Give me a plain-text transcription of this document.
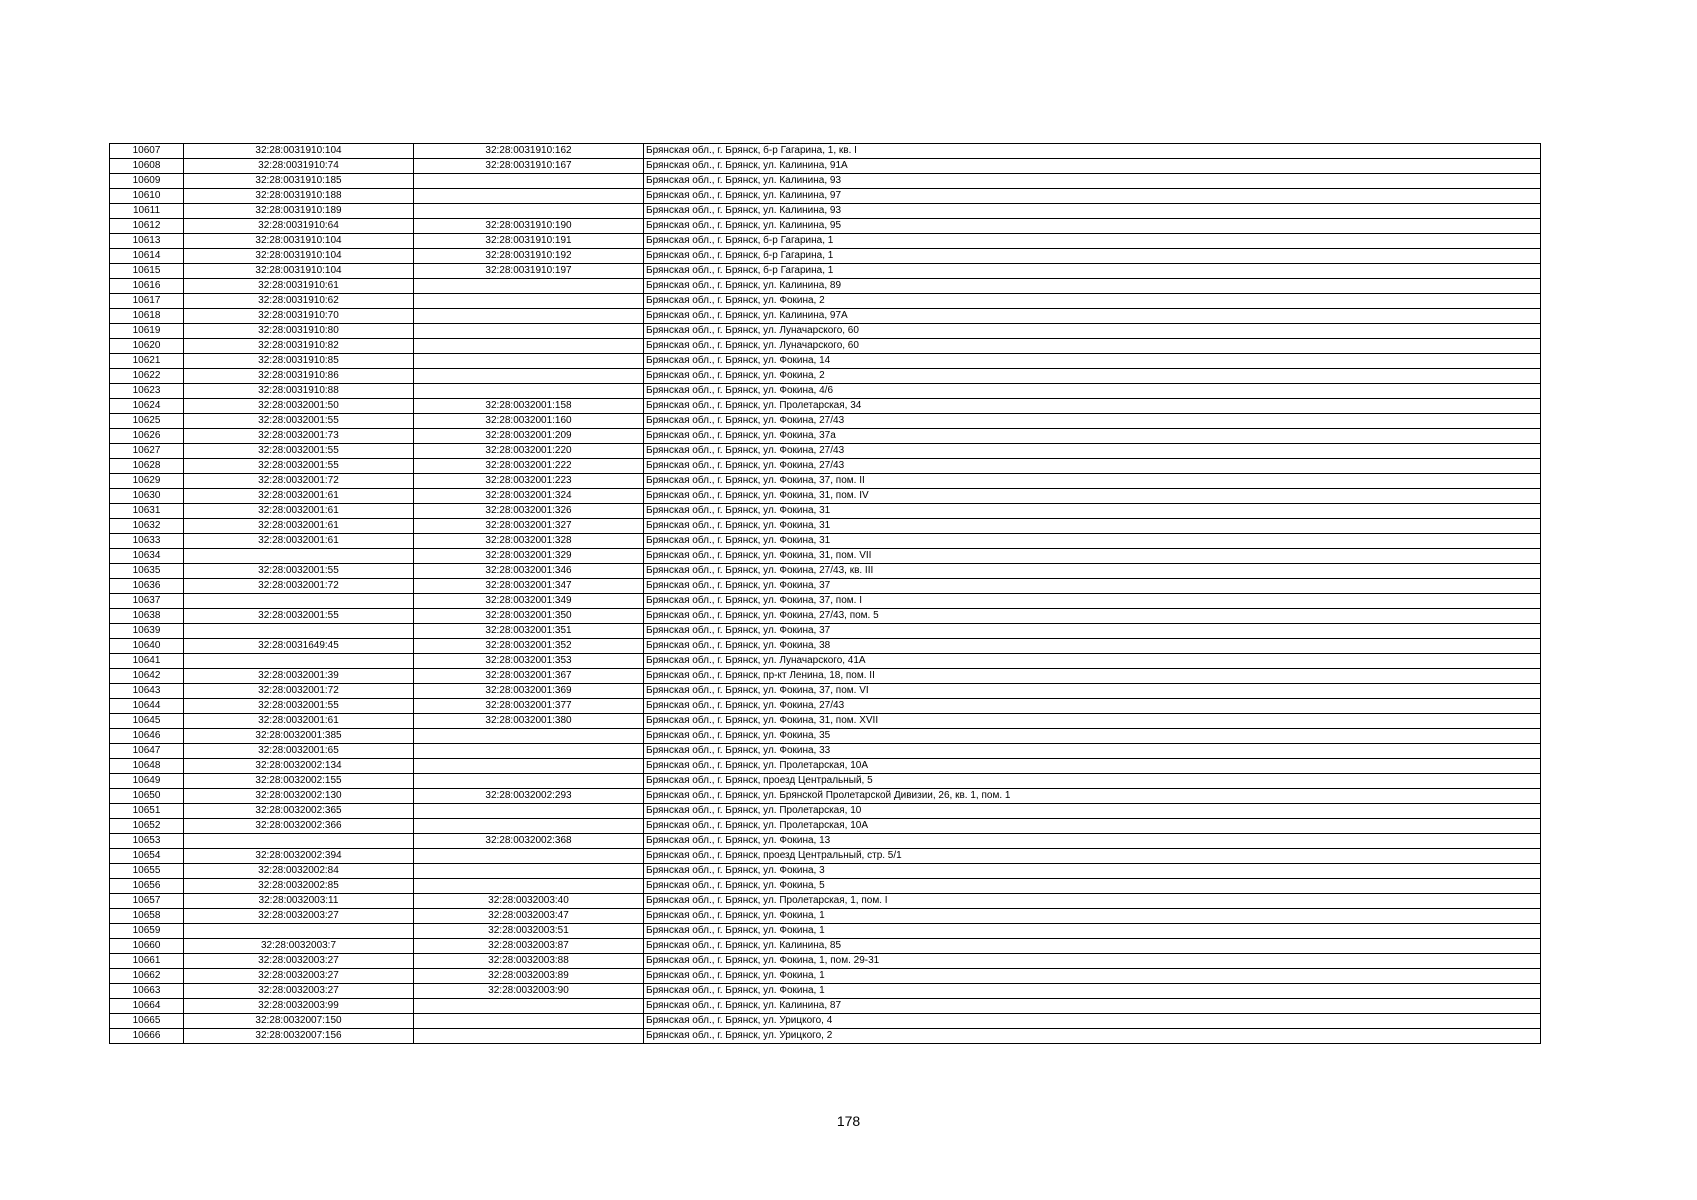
10607	32:28:0031910:104	32:28:0031910:162	Брянская обл., г. Брянск, б-р Гагарина, 1, кв. I
10608	32:28:0031910:74	32:28:0031910:167	Брянская обл., г. Брянск, ул. Калинина, 91А
10609	32:28:0031910:185		Брянская обл., г. Брянск, ул. Калинина, 93
10610	32:28:0031910:188		Брянская обл., г. Брянск, ул. Калинина, 97
10611	32:28:0031910:189		Брянская обл., г. Брянск, ул. Калинина, 93
10612	32:28:0031910:64	32:28:0031910:190	Брянская обл., г. Брянск, ул. Калинина, 95
10613	32:28:0031910:104	32:28:0031910:191	Брянская обл., г. Брянск, б-р Гагарина, 1
10614	32:28:0031910:104	32:28:0031910:192	Брянская обл., г. Брянск, б-р Гагарина, 1
10615	32:28:0031910:104	32:28:0031910:197	Брянская обл., г. Брянск, б-р Гагарина, 1
10616	32:28:0031910:61		Брянская обл., г. Брянск, ул. Калинина, 89
10617	32:28:0031910:62		Брянская обл., г. Брянск, ул. Фокина, 2
10618	32:28:0031910:70		Брянская обл., г. Брянск, ул. Калинина, 97А
10619	32:28:0031910:80		Брянская обл., г. Брянск, ул. Луначарского, 60
10620	32:28:0031910:82		Брянская обл., г. Брянск, ул. Луначарского, 60
10621	32:28:0031910:85		Брянская обл., г. Брянск, ул. Фокина, 14
10622	32:28:0031910:86		Брянская обл., г. Брянск, ул. Фокина, 2
10623	32:28:0031910:88		Брянская обл., г. Брянск, ул. Фокина, 4/6
10624	32:28:0032001:50	32:28:0032001:158	Брянская обл., г. Брянск, ул. Пролетарская, 34
10625	32:28:0032001:55	32:28:0032001:160	Брянская обл., г. Брянск, ул. Фокина, 27/43
10626	32:28:0032001:73	32:28:0032001:209	Брянская обл., г. Брянск, ул. Фокина, 37а
10627	32:28:0032001:55	32:28:0032001:220	Брянская обл., г. Брянск, ул. Фокина, 27/43
10628	32:28:0032001:55	32:28:0032001:222	Брянская обл., г. Брянск, ул. Фокина, 27/43
10629	32:28:0032001:72	32:28:0032001:223	Брянская обл., г. Брянск, ул. Фокина, 37, пом. II
10630	32:28:0032001:61	32:28:0032001:324	Брянская обл., г. Брянск, ул. Фокина, 31, пом. IV
10631	32:28:0032001:61	32:28:0032001:326	Брянская обл., г. Брянск, ул. Фокина, 31
10632	32:28:0032001:61	32:28:0032001:327	Брянская обл., г. Брянск, ул. Фокина, 31
10633	32:28:0032001:61	32:28:0032001:328	Брянская обл., г. Брянск, ул. Фокина, 31
10634		32:28:0032001:329	Брянская обл., г. Брянск, ул. Фокина, 31, пом. VII
10635	32:28:0032001:55	32:28:0032001:346	Брянская обл., г. Брянск, ул. Фокина, 27/43, кв. III
10636	32:28:0032001:72	32:28:0032001:347	Брянская обл., г. Брянск, ул. Фокина, 37
10637		32:28:0032001:349	Брянская обл., г. Брянск, ул. Фокина, 37, пом. I
10638	32:28:0032001:55	32:28:0032001:350	Брянская обл., г. Брянск, ул. Фокина, 27/43, пом. 5
10639		32:28:0032001:351	Брянская обл., г. Брянск, ул. Фокина, 37
10640	32:28:0031649:45	32:28:0032001:352	Брянская обл., г. Брянск, ул. Фокина, 38
10641		32:28:0032001:353	Брянская обл., г. Брянск, ул. Луначарского, 41А
10642	32:28:0032001:39	32:28:0032001:367	Брянская обл., г. Брянск, пр-кт Ленина, 18, пом. II
10643	32:28:0032001:72	32:28:0032001:369	Брянская обл., г. Брянск, ул. Фокина, 37, пом. VI
10644	32:28:0032001:55	32:28:0032001:377	Брянская обл., г. Брянск, ул. Фокина, 27/43
10645	32:28:0032001:61	32:28:0032001:380	Брянская обл., г. Брянск, ул. Фокина, 31, пом. XVII
10646	32:28:0032001:385		Брянская обл., г. Брянск, ул. Фокина, 35
10647	32:28:0032001:65		Брянская обл., г. Брянск, ул. Фокина, 33
10648	32:28:0032002:134		Брянская обл., г. Брянск, ул. Пролетарская, 10А
10649	32:28:0032002:155		Брянская обл., г. Брянск, проезд Центральный, 5
10650	32:28:0032002:130	32:28:0032002:293	Брянская обл., г. Брянск, ул. Брянской Пролетарской Дивизии, 26, кв. 1, пом. 1
10651	32:28:0032002:365		Брянская обл., г. Брянск, ул. Пролетарская, 10
10652	32:28:0032002:366		Брянская обл., г. Брянск, ул. Пролетарская, 10А
10653		32:28:0032002:368	Брянская обл., г. Брянск, ул. Фокина, 13
10654	32:28:0032002:394		Брянская обл., г. Брянск, проезд Центральный, стр. 5/1
10655	32:28:0032002:84		Брянская обл., г. Брянск, ул. Фокина, 3
10656	32:28:0032002:85		Брянская обл., г. Брянск, ул. Фокина, 5
10657	32:28:0032003:11	32:28:0032003:40	Брянская обл., г. Брянск, ул. Пролетарская, 1, пом. I
10658	32:28:0032003:27	32:28:0032003:47	Брянская обл., г. Брянск, ул. Фокина, 1
10659		32:28:0032003:51	Брянская обл., г. Брянск, ул. Фокина, 1
10660	32:28:0032003:7	32:28:0032003:87	Брянская обл., г. Брянск, ул. Калинина, 85
10661	32:28:0032003:27	32:28:0032003:88	Брянская обл., г. Брянск, ул. Фокина, 1, пом. 29-31
10662	32:28:0032003:27	32:28:0032003:89	Брянская обл., г. Брянск, ул. Фокина, 1
10663	32:28:0032003:27	32:28:0032003:90	Брянская обл., г. Брянск, ул. Фокина, 1
10664	32:28:0032003:99		Брянская обл., г. Брянск, ул. Калинина, 87
10665	32:28:0032007:150		Брянская обл., г. Брянск, ул. Урицкого, 4
10666	32:28:0032007:156		Брянская обл., г. Брянск, ул. Урицкого, 2
178
